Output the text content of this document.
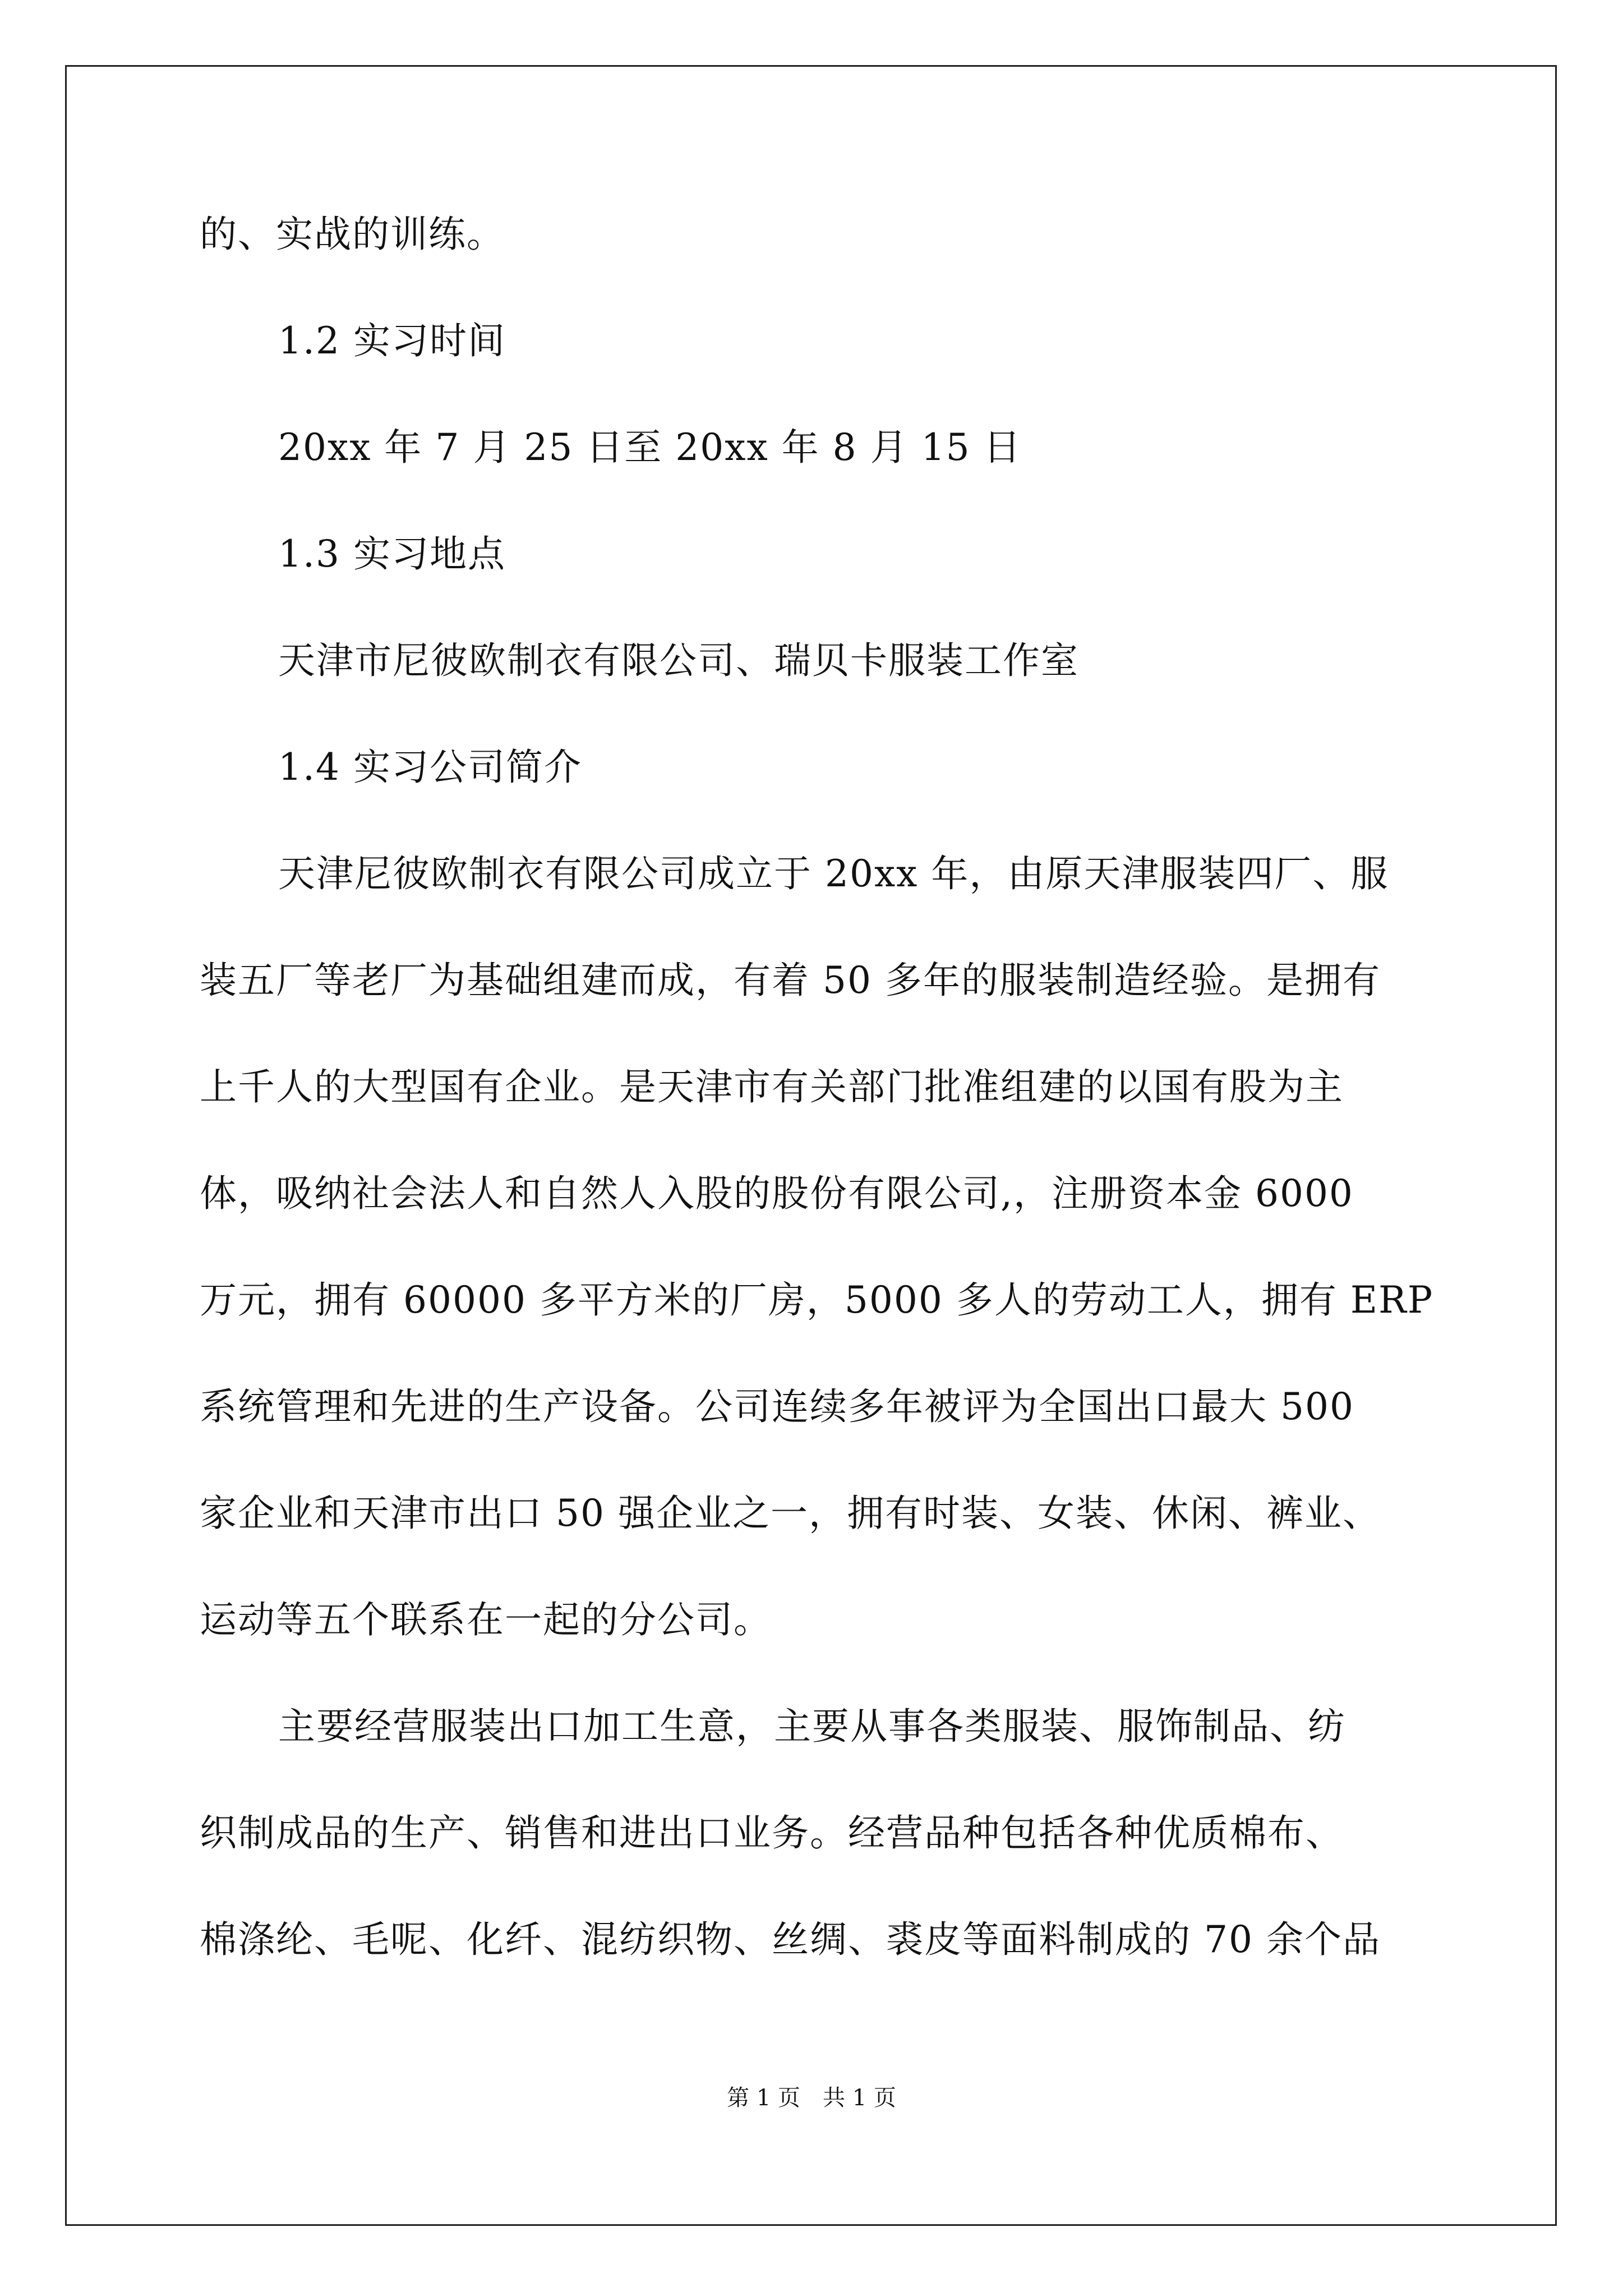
的、实战的训练。
1.2 实习时间
20xx 年 7 月 25 日至 20xx 年 8 月 15 日
1.3 实习地点
天津市尼彼欧制衣有限公司、瑞贝卡服装工作室
1.4 实习公司简介
天津尼彼欧制衣有限公司成立于 20xx 年，由原天津服装四厂、服
装五厂等老厂为基础组建而成，有着 50 多年的服装制造经验。是拥有
上千人的大型国有企业。是天津市有关部门批准组建的以国有股为主
体，吸纳社会法人和自然人入股的股份有限公司,，注册资本金 6000
万元，拥有 60000 多平方米的厂房，5000 多人的劳动工人，拥有 ERP
系统管理和先进的生产设备。公司连续多年被评为全国出口最大 500
家企业和天津市出口 50 强企业之一，拥有时装、女装、休闲、裤业、
运动等五个联系在一起的分公司。
主要经营服装出口加工生意，主要从事各类服装、服饰制品、纺
织制成品的生产、销售和进出口业务。经营品种包括各种优质棉布、
棉涤纶、毛呢、化纤、混纺织物、丝绸、裘皮等面料制成的 70 余个品
第 1 页　共 1 页
